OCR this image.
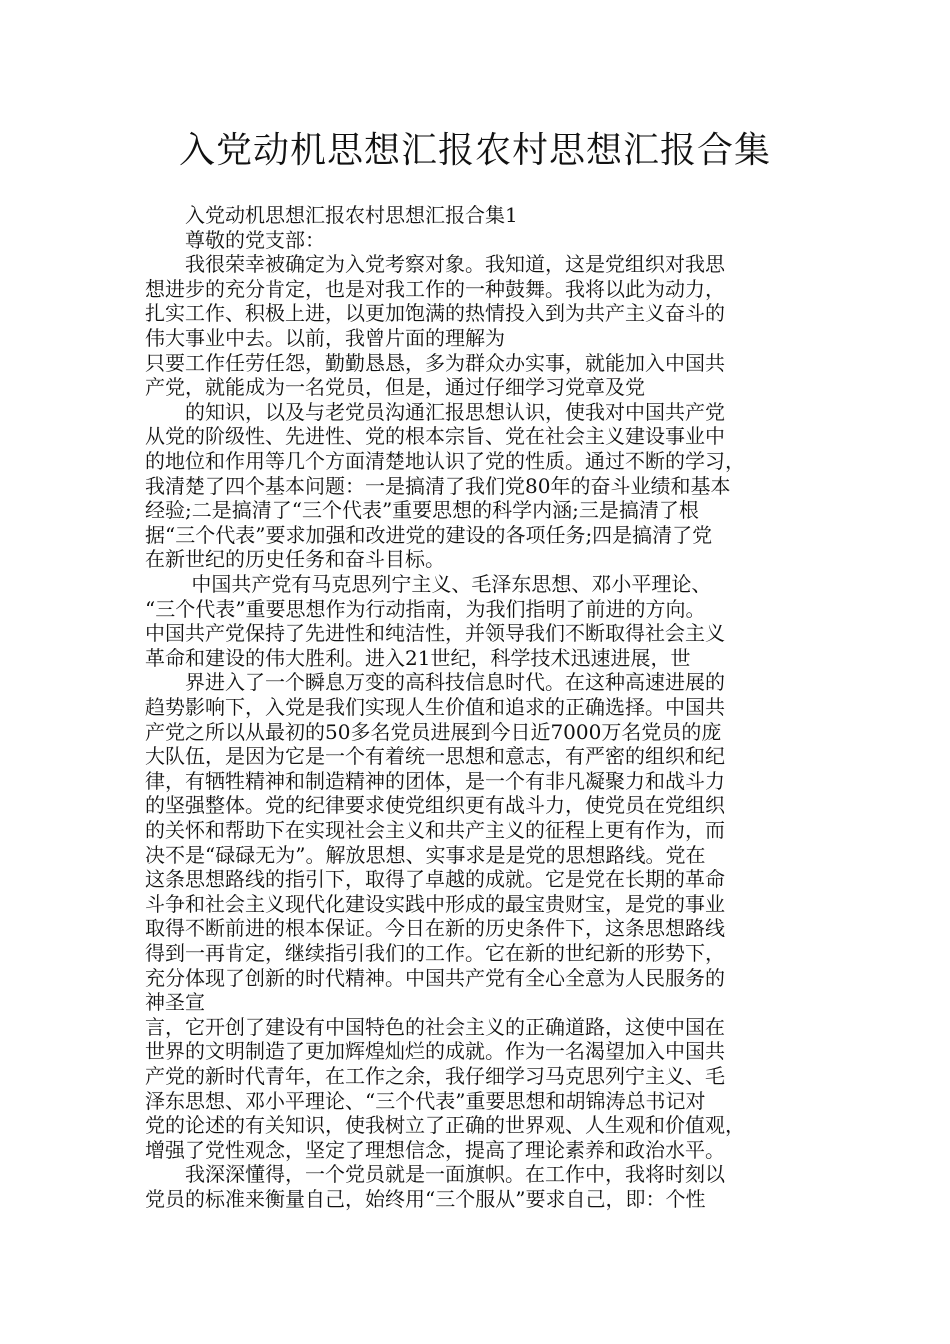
入党动机思想汇报农村思想汇报合集
　　入党动机思想汇报农村思想汇报合集1
　　尊敬的党支部：
　　我很荣幸被确定为入党考察对象。我知道，这是党组织对我思
想进步的充分肯定，也是对我工作的一种鼓舞。我将以此为动力，
扎实工作、积极上进，以更加饱满的热情投入到为共产主义奋斗的
伟大事业中去。以前，我曾片面的理解为
只要工作任劳任怨，勤勤恳恳，多为群众办实事，就能加入中国共
产党，就能成为一名党员，但是，通过仔细学习党章及党
　　的知识，以及与老党员沟通汇报思想认识，使我对中国共产党
从党的阶级性、先进性、党的根本宗旨、党在社会主义建设事业中
的地位和作用等几个方面清楚地认识了党的性质。通过不断的学习，
我清楚了四个基本问题：一是搞清了我们党80年的奋斗业绩和基本
经验;二是搞清了“三个代表”重要思想的科学内涵;三是搞清了根
据“三个代表”要求加强和改进党的建设的各项任务;四是搞清了党
在新世纪的历史任务和奋斗目标。
　　 中国共产党有马克思列宁主义、毛泽东思想、邓小平理论、
“三个代表”重要思想作为行动指南，为我们指明了前进的方向。
中国共产党保持了先进性和纯洁性，并领导我们不断取得社会主义
革命和建设的伟大胜利。进入21世纪，科学技术迅速进展，世
　　界进入了一个瞬息万变的高科技信息时代。在这种高速进展的
趋势影响下，入党是我们实现人生价值和追求的正确选择。中国共
产党之所以从最初的50多名党员进展到今日近7000万名党员的庞
大队伍，是因为它是一个有着统一思想和意志，有严密的组织和纪
律，有牺牲精神和制造精神的团体，是一个有非凡凝聚力和战斗力
的坚强整体。党的纪律要求使党组织更有战斗力，使党员在党组织
的关怀和帮助下在实现社会主义和共产主义的征程上更有作为，而
决不是“碌碌无为”。解放思想、实事求是是党的思想路线。党在
这条思想路线的指引下，取得了卓越的成就。它是党在长期的革命
斗争和社会主义现代化建设实践中形成的最宝贵财宝，是党的事业
取得不断前进的根本保证。今日在新的历史条件下，这条思想路线
得到一再肯定，继续指引我们的工作。它在新的世纪新的形势下，
充分体现了创新的时代精神。中国共产党有全心全意为人民服务的
神圣宣
言，它开创了建设有中国特色的社会主义的正确道路，这使中国在
世界的文明制造了更加辉煌灿烂的成就。作为一名渴望加入中国共
产党的新时代青年，在工作之余，我仔细学习马克思列宁主义、毛
泽东思想、邓小平理论、“三个代表”重要思想和胡锦涛总书记对
党的论述的有关知识，使我树立了正确的世界观、人生观和价值观，
增强了党性观念，坚定了理想信念，提高了理论素养和政治水平。
　　我深深懂得，一个党员就是一面旗帜。在工作中，我将时刻以
党员的标准来衡量自己，始终用“三个服从”要求自己，即：个性
